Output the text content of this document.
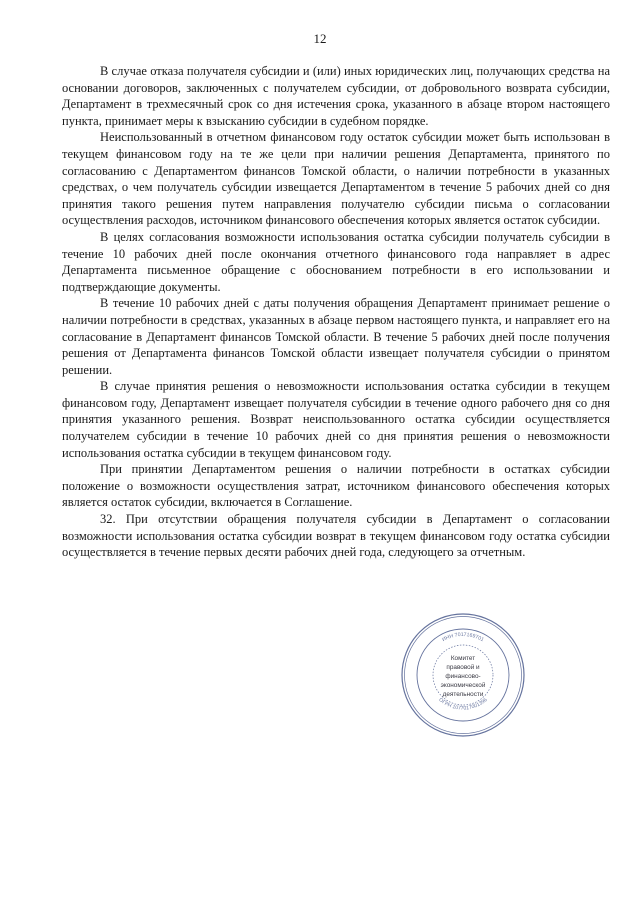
12

В случае отказа получателя субсидии и (или) иных юридических лиц, получающих средства на основании договоров, заключенных с получателем субсидии, от добровольного возврата субсидии, Департамент в трехмесячный срок со дня истечения срока, указанного в абзаце втором настоящего пункта, принимает меры к взысканию субсидии в судебном порядке.

Неиспользованный в отчетном финансовом году остаток субсидии может быть использован в текущем финансовом году на те же цели при наличии решения Департамента, принятого по согласованию с Департаментом финансов Томской области, о наличии потребности в указанных средствах, о чем получатель субсидии извещается Департаментом в течение 5 рабочих дней со дня принятия такого решения путем направления получателю субсидии письма о согласовании осуществления расходов, источником финансового обеспечения которых является остаток субсидии.

В целях согласования возможности использования остатка субсидии получатель субсидии в течение 10 рабочих дней после окончания отчетного финансового года направляет в адрес Департамента письменное обращение с обоснованием потребности в его использовании и подтверждающие документы.

В течение 10 рабочих дней с даты получения обращения Департамент принимает решение о наличии потребности в средствах, указанных в абзаце первом настоящего пункта, и направляет его на согласование в Департамент финансов Томской области. В течение 5 рабочих дней после получения решения от Департамента финансов Томской области извещает получателя субсидии о принятом решении.

В случае принятия решения о невозможности использования остатка субсидии в текущем финансовом году, Департамент извещает получателя субсидии в течение одного рабочего дня со дня принятия указанного решения. Возврат неиспользованного остатка субсидии осуществляется получателем субсидии в течение 10 рабочих дней со дня принятия решения о невозможности использования остатка субсидии в текущем финансовом году.

При принятии Департаментом решения о наличии потребности в остатках субсидии положение о возможности осуществления затрат, источником финансового обеспечения которых является остаток субсидии, включается в Соглашение.

32. При отсутствии обращения получателя субсидии в Департамент о согласовании возможности использования остатка субсидии возврат в текущем финансовом году остатка субсидии осуществляется в течение первых десяти рабочих дней года, следующего за отчетным.

ИНН 7017169701
ОГРН 1077017001396
Комитет
правовой и
финансово-
экономической
деятельности
